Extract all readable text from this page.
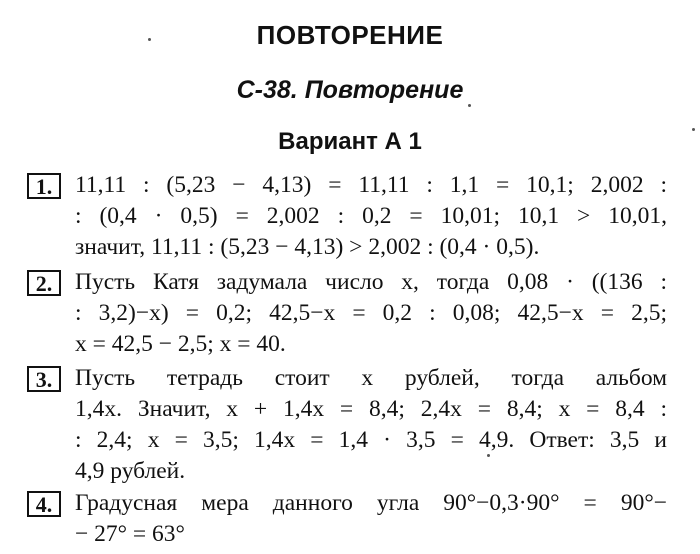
ПОВТОРЕНИЕ
С-38. Повторение
Вариант А 1
1. 11,11 : (5,23 − 4,13) = 11,11 : 1,1 = 10,1; 2,002 :
: (0,4 · 0,5) = 2,002 : 0,2 = 10,01; 10,1 > 10,01,
значит, 11,11 : (5,23 − 4,13) > 2,002 : (0,4 · 0,5).
2. Пусть Катя задумала число x, тогда 0,08 · ((136 :
: 3,2)−x) = 0,2; 42,5−x = 0,2 : 0,08; 42,5−x = 2,5;
x = 42,5 − 2,5; x = 40.
3. Пусть тетрадь стоит x рублей, тогда альбом
1,4x. Значит, x + 1,4x = 8,4; 2,4x = 8,4; x = 8,4 :
: 2,4; x = 3,5; 1,4x = 1,4 · 3,5 = 4,9. Ответ: 3,5 и
4,9 рублей.
4. Градусная мера данного угла 90°−0,3·90° = 90°−
− 27° = 63°
